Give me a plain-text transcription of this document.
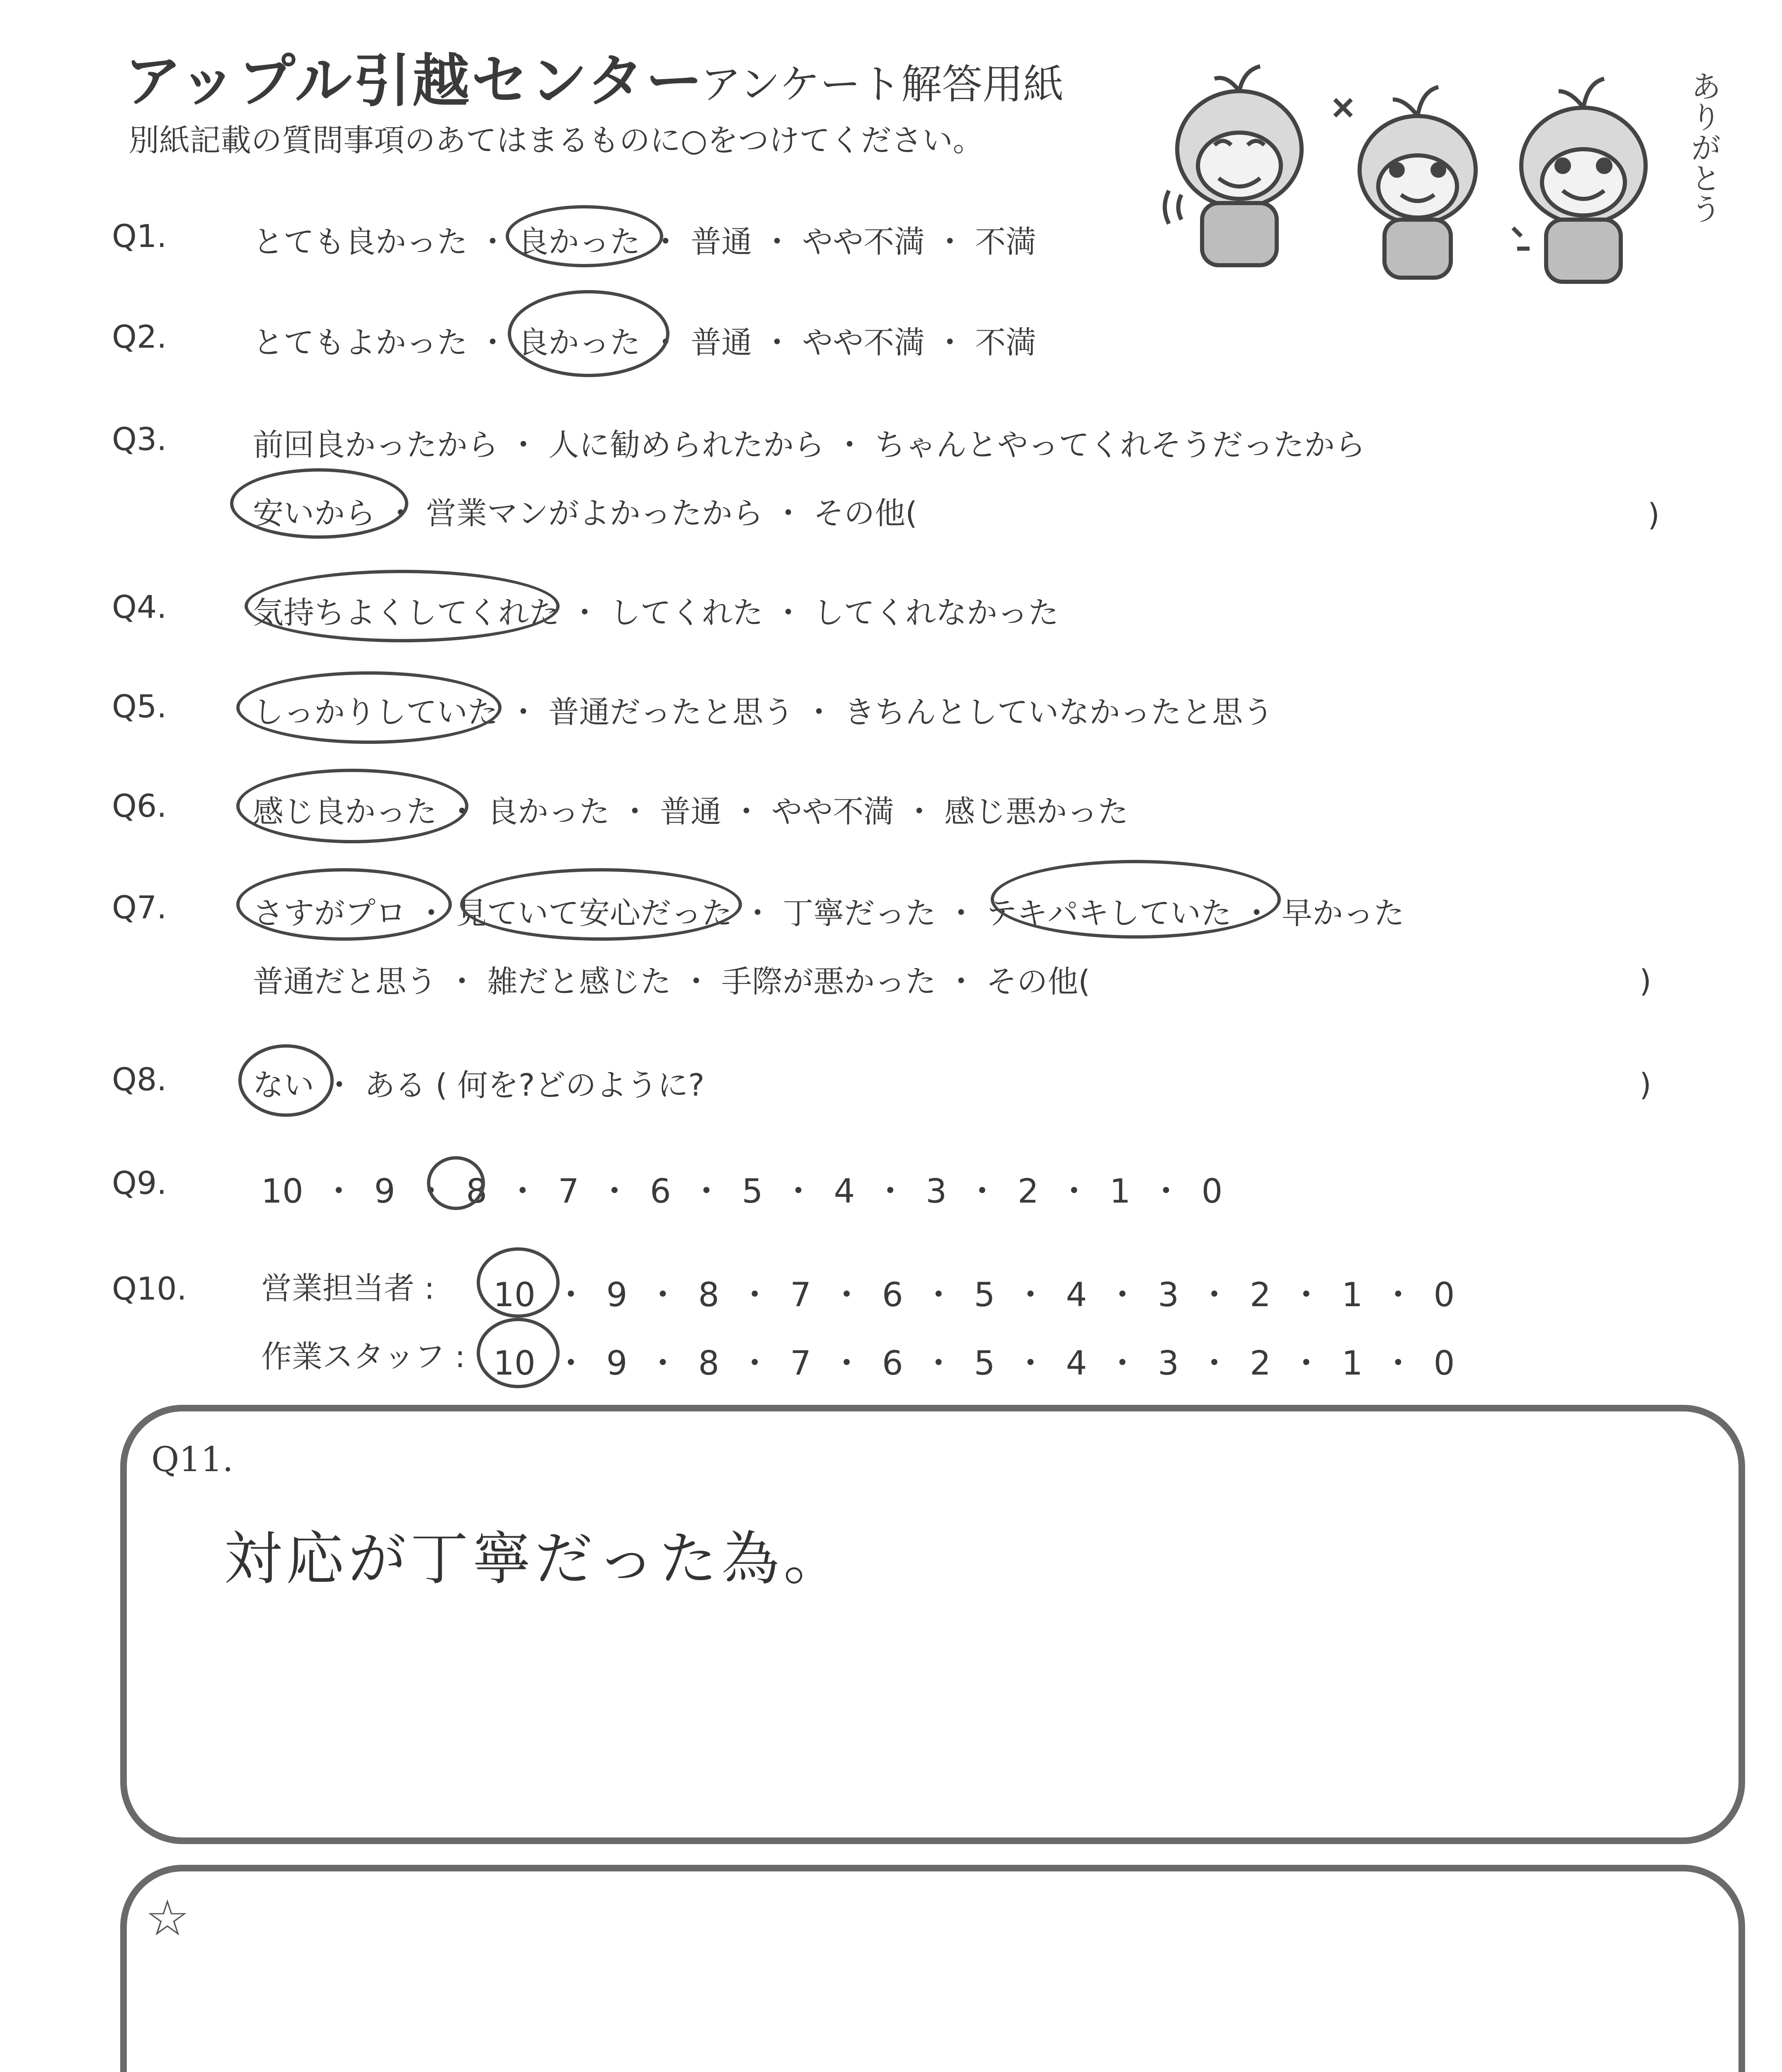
アップル引越センター
アンケート解答用紙
別紙記載の質問事項のあてはまるものに○をつけてください。	ありがとう
Q1.	とても良かった ・ 良かった ・ 普通 ・ やや不満 ・ 不満
Q2.	とてもよかった ・ 良かった ・ 普通 ・ やや不満 ・ 不満
Q3.	前回良かったから ・ 人に勧められたから ・ ちゃんとやってくれそうだったから
安いから ・ 営業マンがよかったから ・ その他(	)
Q4.	気持ちよくしてくれた ・ してくれた ・ してくれなかった
Q5.	しっかりしていた ・ 普通だったと思う ・ きちんとしていなかったと思う
Q6.	感じ良かった ・ 良かった ・ 普通 ・ やや不満 ・ 感じ悪かった
Q7.	さすがプロ ・ 見ていて安心だった ・ 丁寧だった ・ テキパキしていた ・ 早かった
普通だと思う ・ 雑だと感じた ・ 手際が悪かった ・ その他(	)
Q8.	ない ・ ある ( 何を?どのように?	)
Q9.	10 ・ 9 ・ 8 ・ 7 ・ 6 ・ 5 ・ 4 ・ 3 ・ 2 ・ 1 ・ 0
Q10. 営業担当者 : 10 ・ 9 ・ 8 ・ 7 ・ 6 ・ 5 ・ 4 ・ 3 ・ 2 ・ 1 ・ 0
作業スタッフ : 10 ・ 9 ・ 8 ・ 7 ・ 6 ・ 5 ・ 4 ・ 3 ・ 2 ・ 1 ・ 0
Q11.
対応が丁寧だった為。
☆
